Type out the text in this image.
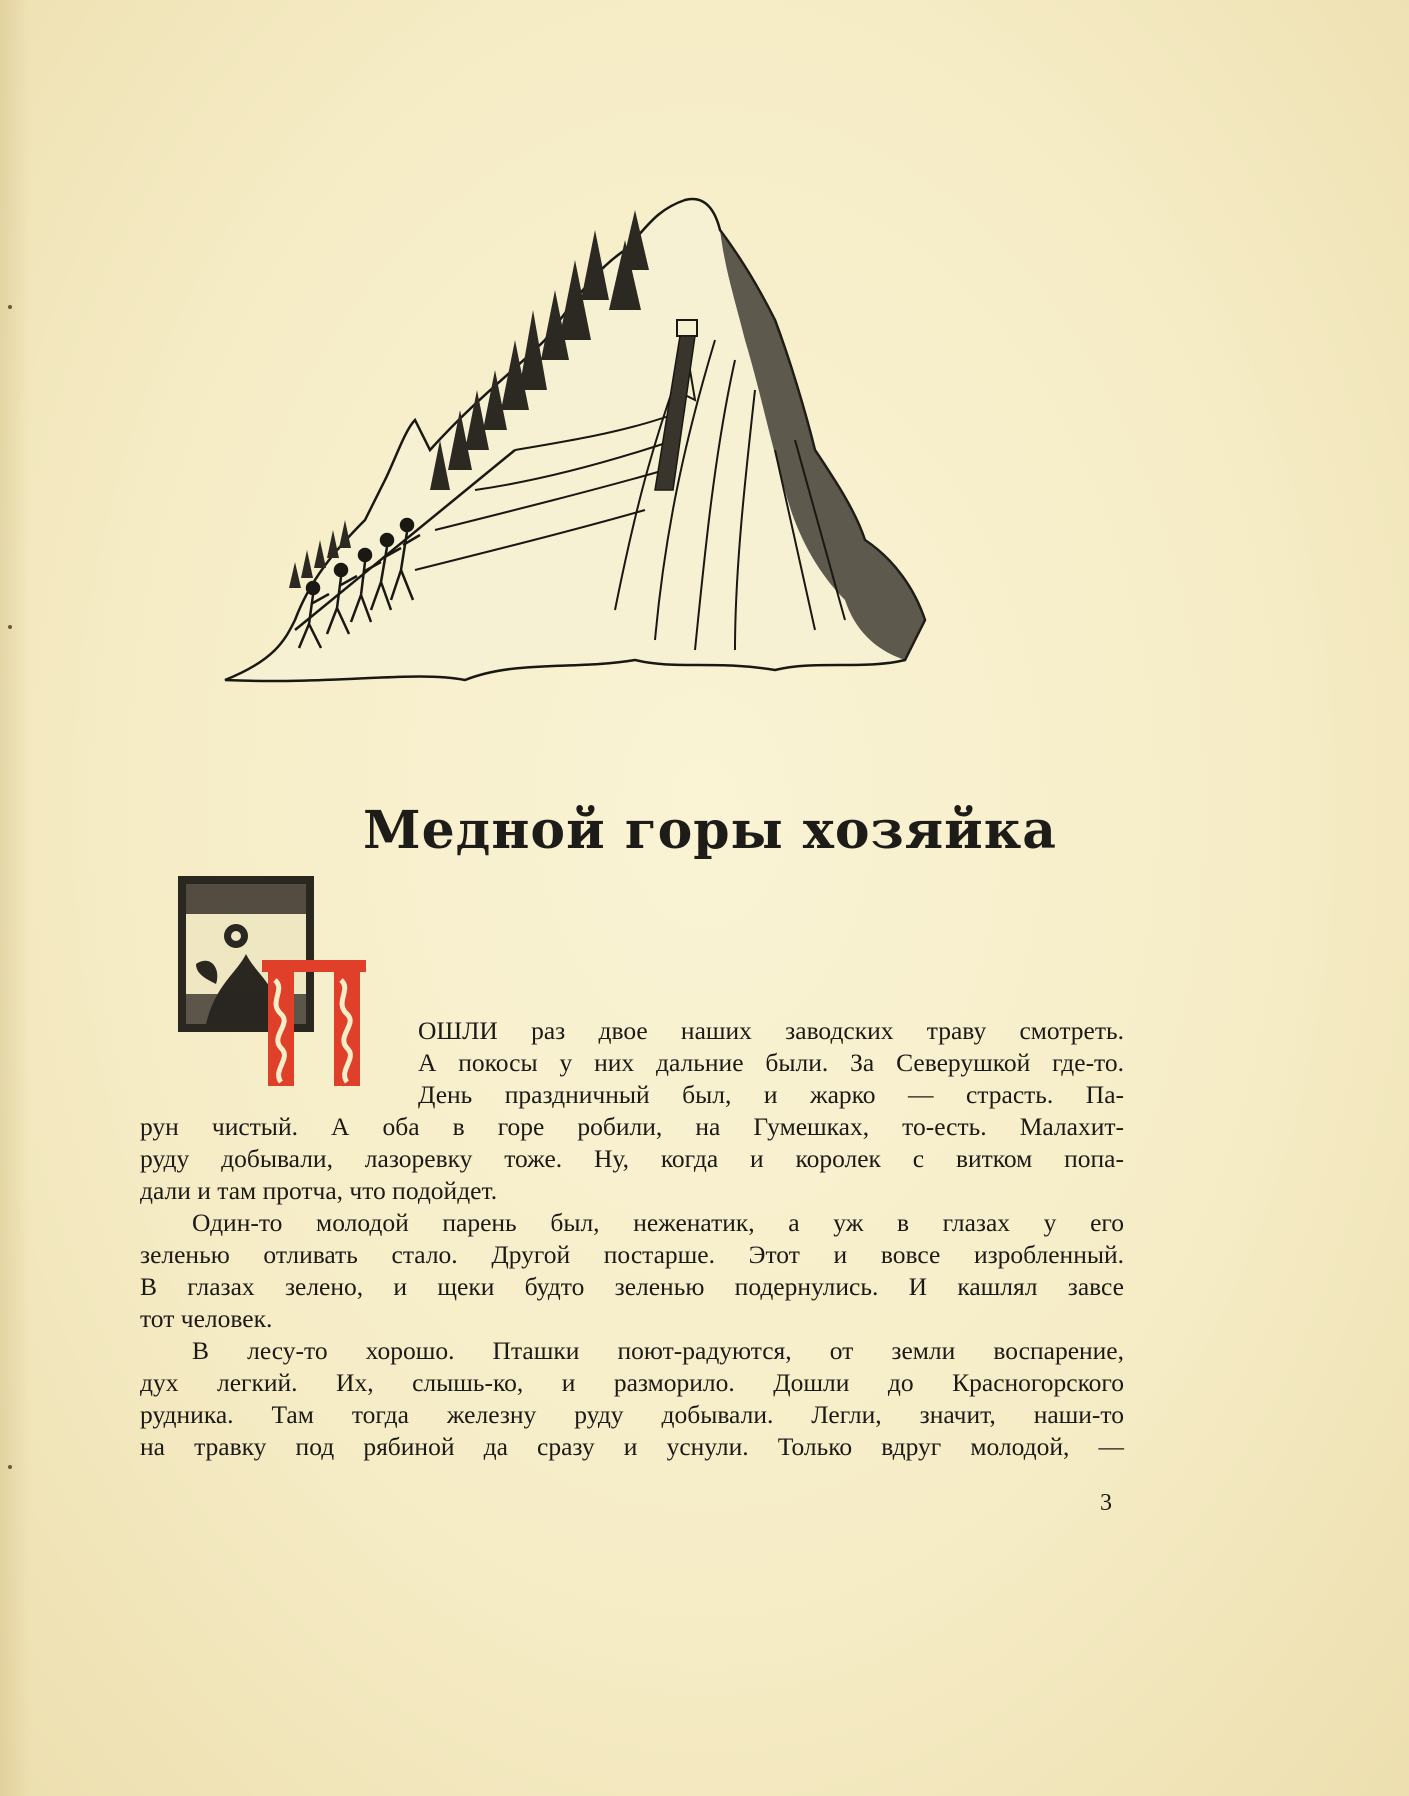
Медной горы хозяйка
П
ОШЛИ раз двое наших заводских траву смотреть.
А покосы у них дальние были. За Северушкой где-то.
День праздничный был, и жарко — страсть. Па-
рун чистый. А оба в горе робили, на Гумешках, то-есть. Малахит-
руду добывали, лазоревку тоже. Ну, когда и королек с витком попа-
дали и там протча, что подойдет.
Один-то молодой парень был, неженатик, а уж в глазах у его
зеленью отливать стало. Другой постарше. Этот и вовсе изробленный.
В глазах зелено, и щеки будто зеленью подернулись. И кашлял завсе
тот человек.
В лесу-то хорошо. Пташки поют-радуются, от земли воспарение,
дух легкий. Их, слышь-ко, и разморило. Дошли до Красногорского
рудника. Там тогда железну руду добывали. Легли, значит, наши-то
на травку под рябиной да сразу и уснули. Только вдруг молодой, —
3
